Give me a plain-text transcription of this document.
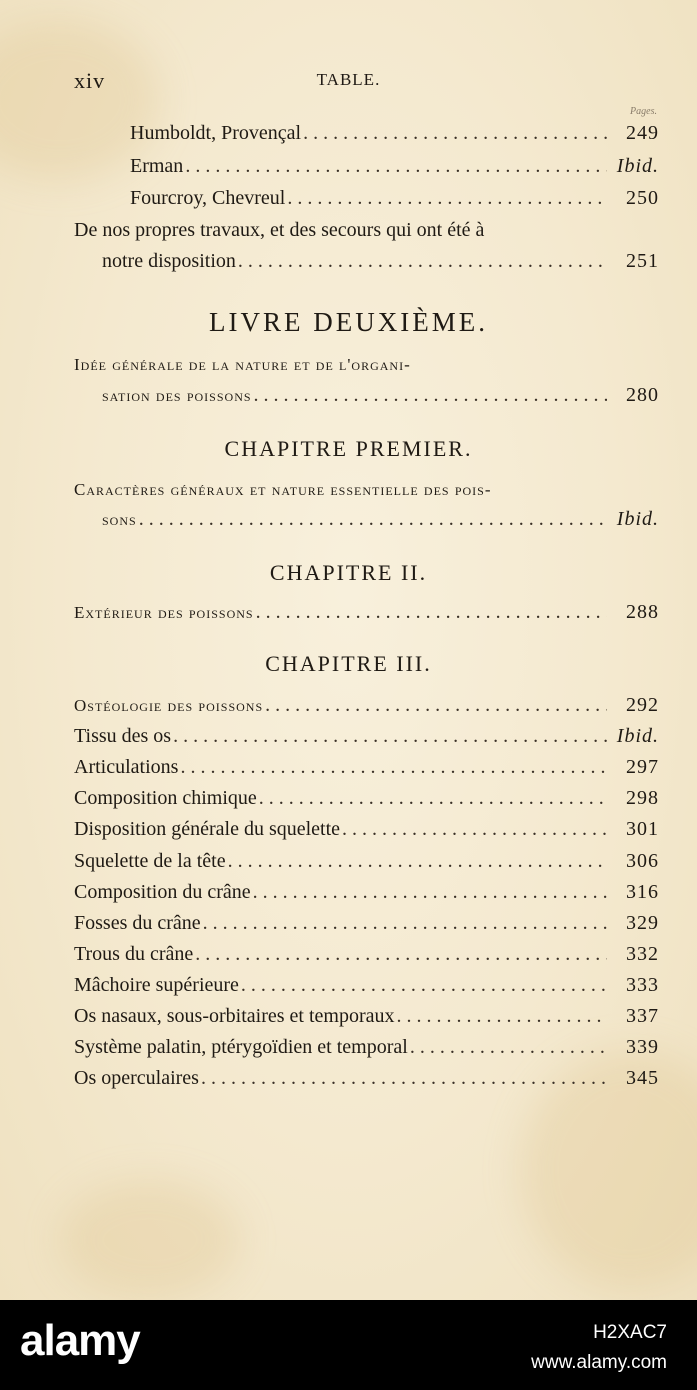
xiv	TABLE.
Pages.
Humboldt, Provençal . . .	249
Erman . . .	Ibid.
Fourcroy, Chevreul . . .	250
De nos propres travaux, et des secours qui ont été à
notre disposition . . .	251
LIVRE DEUXIÈME.
Idée générale de la nature et de l'organi-
sation des poissons . . .	280
CHAPITRE PREMIER.
Caractères généraux et nature essentielle des pois-
sons . . .	Ibid.
CHAPITRE II.
Extérieur des poissons . . .	288
CHAPITRE III.
Ostéologie des poissons . . .	292
Tissu des os . . .	Ibid.
Articulations . . .	297
Composition chimique . . .	298
Disposition générale du squelette . . .	301
Squelette de la tête . . .	306
Composition du crâne . . .	316
Fosses du crâne . . .	329
Trous du crâne . . .	332
Mâchoire supérieure . . .	333
Os nasaux, sous-orbitaires et temporaux . . .	337
Système palatin, ptérygoïdien et temporal . . .	339
Os operculaires . . .	345
alamy	H2XAC7
www.alamy.com
